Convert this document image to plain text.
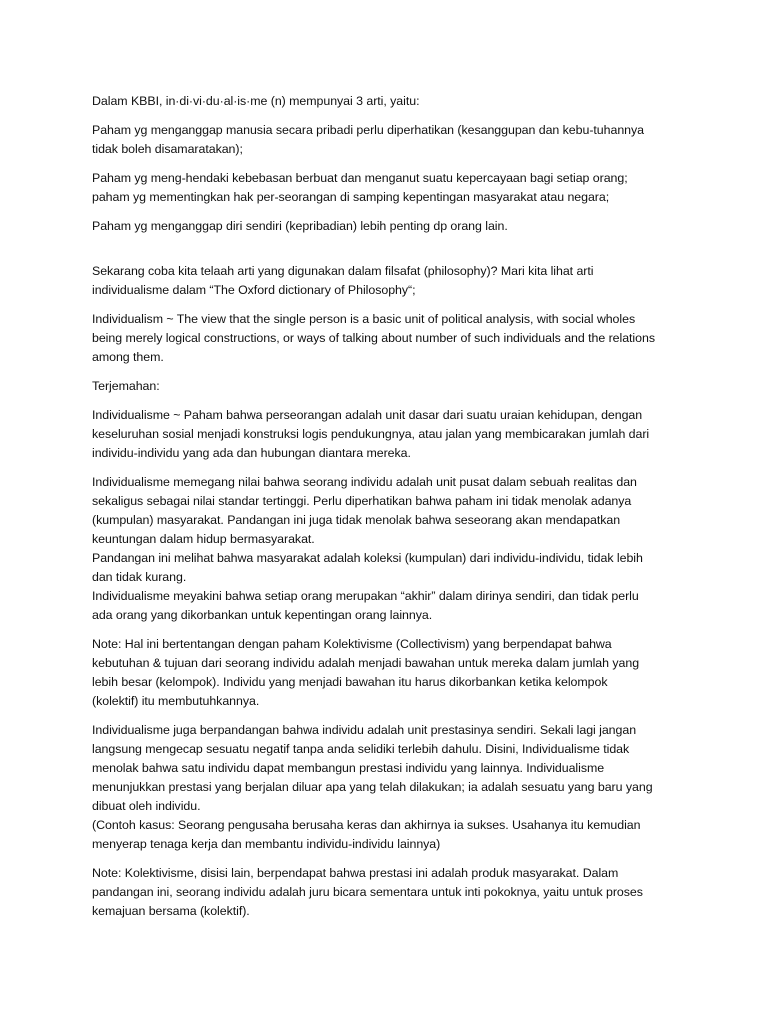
Dalam KBBI, in·di·vi·du·al·is·me (n) mempunyai 3 arti, yaitu:

Paham yg menganggap manusia secara pribadi perlu diperhatikan (kesanggupan dan kebu-tuhannya
tidak boleh disamaratakan);

Paham yg meng-hendaki kebebasan berbuat dan menganut suatu kepercayaan bagi setiap orang;
paham yg mementingkan hak per-seorangan di samping kepentingan masyarakat atau negara;

Paham yg menganggap diri sendiri (kepribadian) lebih penting dp orang lain.

Sekarang coba kita telaah arti yang digunakan dalam filsafat (philosophy)? Mari kita lihat arti
individualisme dalam “The Oxford dictionary of Philosophy“;

Individualism ~ The view that the single person is a basic unit of political analysis, with social wholes
being merely logical constructions, or ways of talking about number of such individuals and the relations
among them.

Terjemahan:

Individualisme ~ Paham bahwa perseorangan adalah unit dasar dari suatu uraian kehidupan, dengan
keseluruhan sosial menjadi konstruksi logis pendukungnya, atau jalan yang membicarakan jumlah dari
individu-individu yang ada dan hubungan diantara mereka.

Individualisme memegang nilai bahwa seorang individu adalah unit pusat dalam sebuah realitas dan
sekaligus sebagai nilai standar tertinggi. Perlu diperhatikan bahwa paham ini tidak menolak adanya
(kumpulan) masyarakat. Pandangan ini juga tidak menolak bahwa seseorang akan mendapatkan
keuntungan dalam hidup bermasyarakat.
Pandangan ini melihat bahwa masyarakat adalah koleksi (kumpulan) dari individu-individu, tidak lebih
dan tidak kurang.
Individualisme meyakini bahwa setiap orang merupakan “akhir” dalam dirinya sendiri, dan tidak perlu
ada orang yang dikorbankan untuk kepentingan orang lainnya.

Note: Hal ini bertentangan dengan paham Kolektivisme (Collectivism) yang berpendapat bahwa
kebutuhan & tujuan dari seorang individu adalah menjadi bawahan untuk mereka dalam jumlah yang
lebih besar (kelompok). Individu yang menjadi bawahan itu harus dikorbankan ketika kelompok
(kolektif) itu membutuhkannya.

Individualisme juga berpandangan bahwa individu adalah unit prestasinya sendiri. Sekali lagi jangan
langsung mengecap sesuatu negatif tanpa anda selidiki terlebih dahulu. Disini, Individualisme tidak
menolak bahwa satu individu dapat membangun prestasi individu yang lainnya. Individualisme
menunjukkan prestasi yang berjalan diluar apa yang telah dilakukan; ia adalah sesuatu yang baru yang
dibuat oleh individu.
(Contoh kasus: Seorang pengusaha berusaha keras dan akhirnya ia sukses. Usahanya itu kemudian
menyerap tenaga kerja dan membantu individu-individu lainnya)

Note: Kolektivisme, disisi lain, berpendapat bahwa prestasi ini adalah produk masyarakat. Dalam
pandangan ini, seorang individu adalah juru bicara sementara untuk inti pokoknya, yaitu untuk proses
kemajuan bersama (kolektif).
